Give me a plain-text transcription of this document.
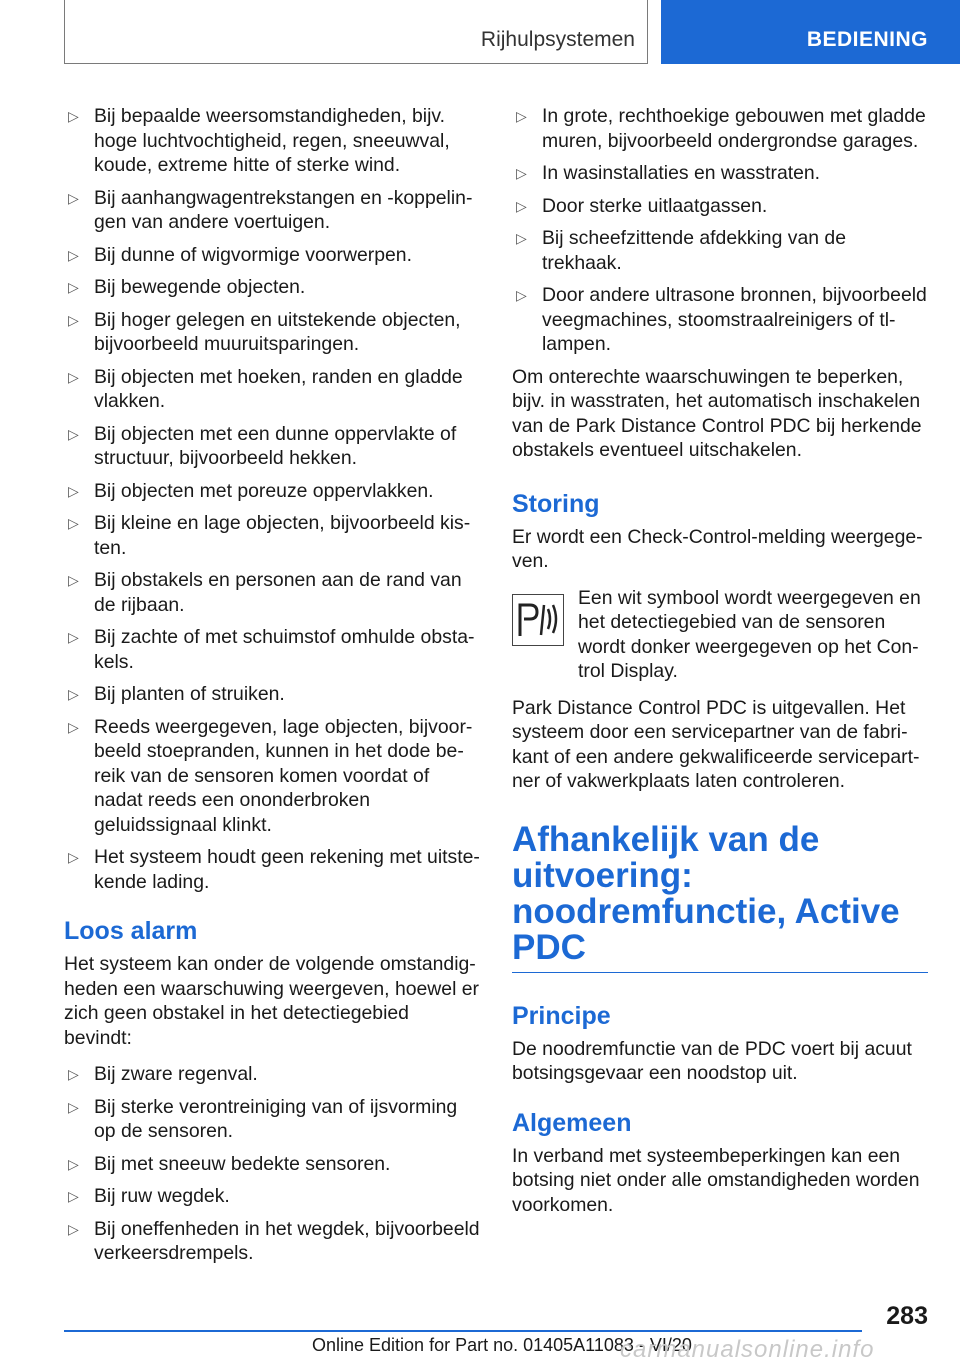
Rijhulpsystemen	BEDIENING
▷ Bij bepaalde weersomstandigheden, bijv. hoge luchtvochtigheid, regen, sneeuwval, koude, extreme hitte of sterke wind.
▷ Bij aanhangwagentrekstangen en -koppelingen van andere voertuigen.
▷ Bij dunne of wigvormige voorwerpen.
▷ Bij bewegende objecten.
▷ Bij hoger gelegen en uitstekende objecten, bijvoorbeeld muuruitsparingen.
▷ Bij objecten met hoeken, randen en gladde vlakken.
▷ Bij objecten met een dunne oppervlakte of structuur, bijvoorbeeld hekken.
▷ Bij objecten met poreuze oppervlakken.
▷ Bij kleine en lage objecten, bijvoorbeeld kisten.
▷ Bij obstakels en personen aan de rand van de rijbaan.
▷ Bij zachte of met schuimstof omhulde obstakels.
▷ Bij planten of struiken.
▷ Reeds weergegeven, lage objecten, bijvoorbeeld stoepranden, kunnen in het dode bereik van de sensoren komen voordat of nadat reeds een ononderbroken geluidssignaal klinkt.
▷ Het systeem houdt geen rekening met uitstekende lading.
Loos alarm

Het systeem kan onder de volgende omstandigheden een waarschuwing weergeven, hoewel er zich geen obstakel in het detectiegebied bevindt:

▷ Bij zware regenval.
▷ Bij sterke verontreiniging van of ijsvorming op de sensoren.
▷ Bij met sneeuw bedekte sensoren.
▷ Bij ruw wegdek.
▷ Bij oneffenheden in het wegdek, bijvoorbeeld verkeersdrempels.
▷ In grote, rechthoekige gebouwen met gladde muren, bijvoorbeeld ondergrondse garages.
▷ In wasinstallaties en wasstraten.
▷ Door sterke uitlaatgassen.
▷ Bij scheefzittende afdekking van de trekhaak.
▷ Door andere ultrasone bronnen, bijvoorbeeld veegmachines, stoomstraalreinigers of tl-lampen.

Om onterechte waarschuwingen te beperken, bijv. in wasstraten, het automatisch inschakelen van de Park Distance Control PDC bij herkende obstakels eventueel uitschakelen.

Storing

Er wordt een Check-Control-melding weergegeven.

Een wit symbool wordt weergegeven en het detectiegebied van de sensoren wordt donker weergegeven op het Control Display.

Park Distance Control PDC is uitgevallen. Het systeem door een servicepartner van de fabrikant of een andere gekwalificeerde servicepartner of vakwerkplaats laten controleren.

Afhankelijk van de uitvoering: noodremfunctie, Active PDC
Principe

De noodremfunctie van de PDC voert bij acuut botsingsgevaar een noodstop uit.

Algemeen

In verband met systeembeperkingen kan een botsing niet onder alle omstandigheden worden voorkomen.

283
Online Edition for Part no. 01405A11083 - VI/20
carmanualsonline.info
